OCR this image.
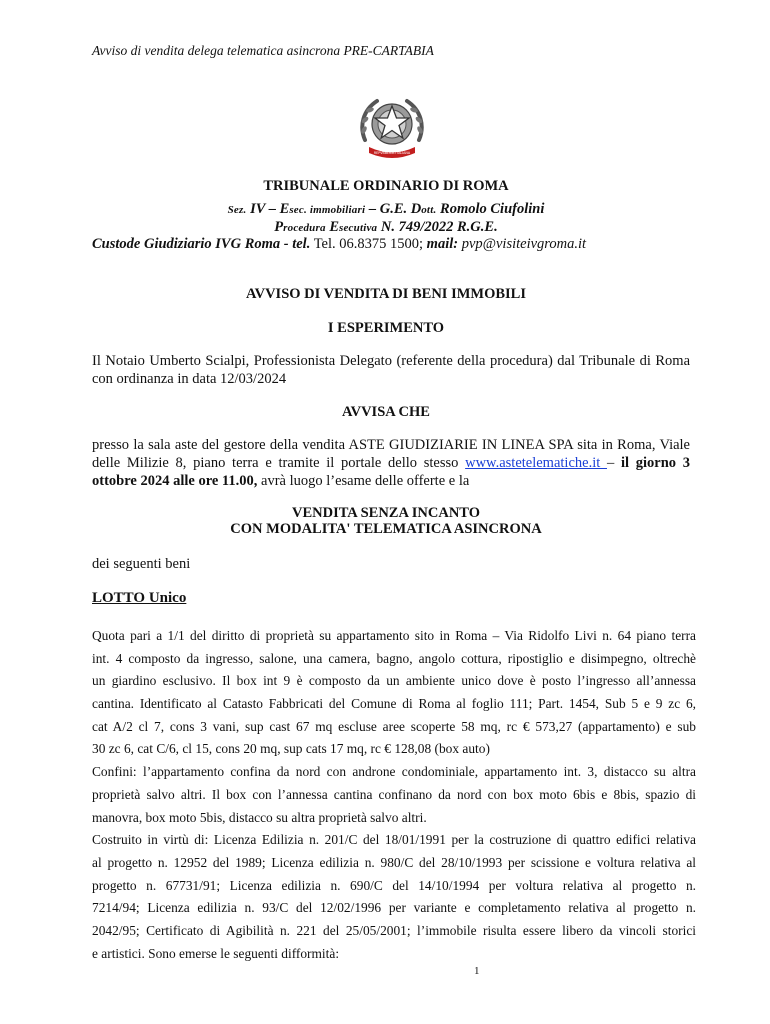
Avviso di vendita delega telematica asincrona PRE-CARTABIA
REPVBBLICA ITALIANA
TRIBUNALE ORDINARIO DI ROMA
Sez. IV – Esec. immobiliari – G.E. Dott. Romolo Ciufolini
Procedura Esecutiva N. 749/2022 R.G.E.
Custode Giudiziario IVG Roma - tel. Tel. 06.8375 1500; mail: pvp@visiteivgroma.it
AVVISO DI VENDITA DI BENI IMMOBILI
I ESPERIMENTO
Il Notaio Umberto Scialpi, Professionista Delegato (referente della procedura) dal Tribunale di Roma con ordinanza in data 12/03/2024
AVVISA CHE
presso la sala aste del gestore della vendita ASTE GIUDIZIARIE IN LINEA SPA sita in Roma, Viale delle Milizie 8, piano terra e tramite il portale dello stesso www.astetelematiche.it – il giorno 3 ottobre 2024 alle ore 11.00, avrà luogo l’esame delle offerte e la
VENDITA SENZA INCANTO
CON MODALITA' TELEMATICA ASINCRONA
dei seguenti beni
LOTTO Unico
Quota pari a 1/1 del diritto di proprietà su appartamento sito in Roma – Via Ridolfo Livi n. 64 piano terra
int. 4 composto da ingresso, salone, una camera, bagno, angolo cottura, ripostiglio e disimpegno, oltrechè
un giardino esclusivo. Il box int 9 è composto da un ambiente unico dove è posto l’ingresso all’annessa
cantina. Identificato al Catasto Fabbricati del Comune di Roma al foglio 111; Part. 1454, Sub 5 e 9 zc 6,
cat A/2 cl 7, cons 3 vani, sup cast 67 mq escluse aree scoperte 58 mq, rc € 573,27 (appartamento) e sub
30 zc 6, cat C/6, cl 15, cons 20 mq, sup cats 17 mq, rc € 128,08 (box auto)
Confini: l’appartamento confina da nord con androne condominiale, appartamento int. 3, distacco su altra
proprietà salvo altri. Il box con l’annessa cantina confinano da nord con box moto 6bis e 8bis, spazio di
manovra, box moto 5bis, distacco su altra proprietà salvo altri.
Costruito in virtù di: Licenza Edilizia n. 201/C del 18/01/1991 per la costruzione di quattro edifici relativa
al progetto n. 12952 del 1989; Licenza edilizia n. 980/C del 28/10/1993 per scissione e voltura relativa al
progetto n. 67731/91; Licenza edilizia n. 690/C del 14/10/1994 per voltura relativa al progetto n.
7214/94; Licenza edilizia n. 93/C del 12/02/1996 per variante e completamento relativa al progetto n.
2042/95; Certificato di Agibilità n. 221 del 25/05/2001; l’immobile risulta essere libero da vincoli storici
e artistici. Sono emerse le seguenti difformità:
1
